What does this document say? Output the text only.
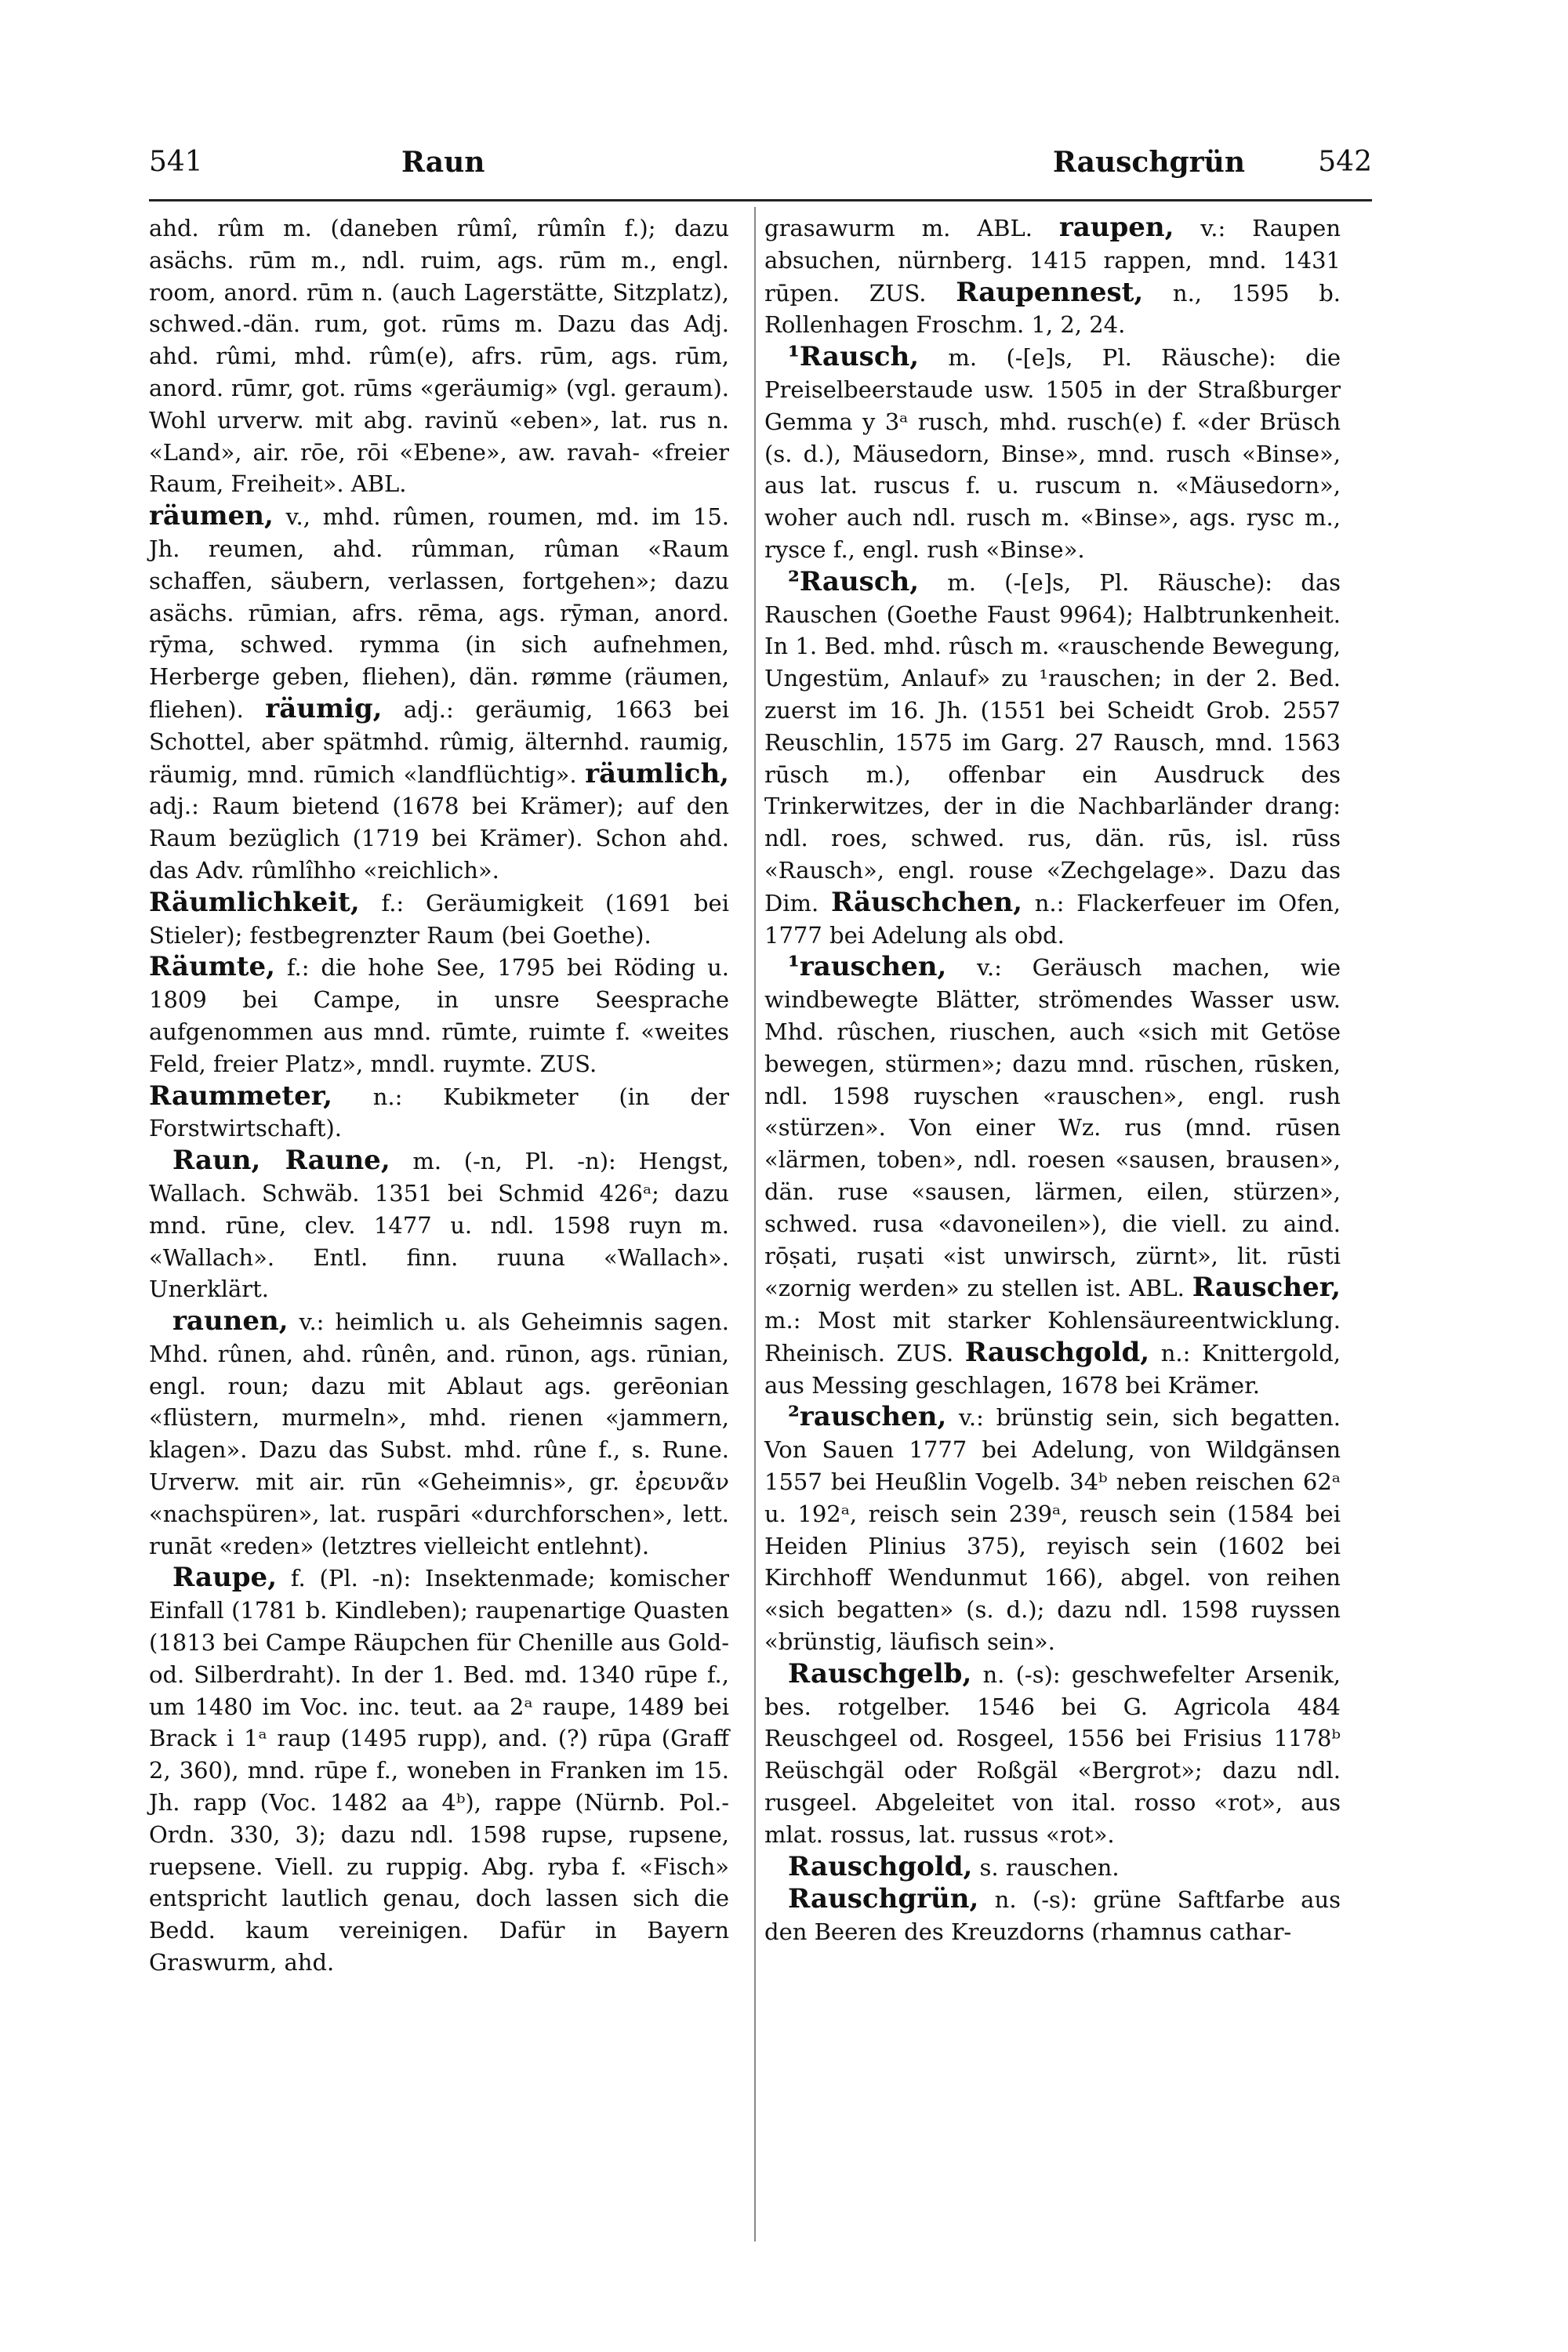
541	Raun	Rauschgrün	542

ahd. rûm m. (daneben rûmî, rûmîn f.); dazu asächs. rūm m., ndl. ruim, ags. rūm m., engl. room, anord. rūm n. (auch Lagerstätte, Sitzplatz), schwed.-dän. rum, got. rūms m. Dazu das Adj. ahd. rûmi, mhd. rûm(e), afrs. rūm, ags. rūm, anord. rūmr, got. rūms «geräumig» (vgl. geraum). Wohl urverw. mit abg. ravinŭ «eben», lat. rus n. «Land», air. rōe, rōi «Ebene», aw. ravah- «freier Raum, Freiheit». ABL.

räumen, v., mhd. rûmen, roumen, md. im 15. Jh. reumen, ahd. rûmman, rûman «Raum schaffen, säubern, verlassen, fortgehen»; dazu asächs. rūmian, afrs. rēma, ags. rȳman, anord. rȳma, schwed. rymma (in sich aufnehmen, Herberge geben, fliehen), dän. rømme (räumen, fliehen). räumig, adj.: geräumig, 1663 bei Schottel, aber spätmhd. rûmig, älternhd. raumig, räumig, mnd. rūmich «landflüchtig». räumlich, adj.: Raum bietend (1678 bei Krämer); auf den Raum bezüglich (1719 bei Krämer). Schon ahd. das Adv. rûmlîhho «reichlich».

Räumlichkeit, f.: Geräumigkeit (1691 bei Stieler); festbegrenzter Raum (bei Goethe).

Räumte, f.: die hohe See, 1795 bei Röding u. 1809 bei Campe, in unsre Seesprache aufgenommen aus mnd. rūmte, ruimte f. «weites Feld, freier Platz», mndl. ruymte. ZUS.

Raummeter, n.: Kubikmeter (in der Forstwirtschaft).

Raun, Raune, m. (-n, Pl. -n): Hengst, Wallach. Schwäb. 1351 bei Schmid 426ᵃ; dazu mnd. rūne, clev. 1477 u. ndl. 1598 ruyn m. «Wallach». Entl. finn. ruuna «Wallach». Unerklärt.

raunen, v.: heimlich u. als Geheimnis sagen. Mhd. rûnen, ahd. rûnên, and. rūnon, ags. rūnian, engl. roun; dazu mit Ablaut ags. gerēonian «flüstern, murmeln», mhd. rienen «jammern, klagen». Dazu das Subst. mhd. rûne f., s. Rune. Urverw. mit air. rūn «Geheimnis», gr. ἐρευνᾶν «nachspüren», lat. ruspāri «durchforschen», lett. runāt «reden» (letztres vielleicht entlehnt).

Raupe, f. (Pl. -n): Insektenmade; komischer Einfall (1781 b. Kindleben); raupenartige Quasten (1813 bei Campe Räupchen für Chenille aus Gold- od. Silberdraht). In der 1. Bed. md. 1340 rūpe f., um 1480 im Voc. inc. teut. aa 2ᵃ raupe, 1489 bei Brack i 1ᵃ raup (1495 rupp), and. (?) rūpa (Graff 2, 360), mnd. rūpe f., woneben in Franken im 15. Jh. rapp (Voc. 1482 aa 4ᵇ), rappe (Nürnb. Pol.-Ordn. 330, 3); dazu ndl. 1598 rupse, rupsene, ruepsene. Viell. zu ruppig. Abg. ryba f. «Fisch» entspricht lautlich genau, doch lassen sich die Bedd. kaum vereinigen. Dafür in Bayern Graswurm, ahd.

grasawurm m. ABL. raupen, v.: Raupen absuchen, nürnberg. 1415 rappen, mnd. 1431 rūpen. ZUS. Raupennest, n., 1595 b. Rollenhagen Froschm. 1, 2, 24.

¹Rausch, m. (-[e]s, Pl. Räusche): die Preiselbeerstaude usw. 1505 in der Straßburger Gemma y 3ᵃ rusch, mhd. rusch(e) f. «der Brüsch (s. d.), Mäusedorn, Binse», mnd. rusch «Binse», aus lat. ruscus f. u. ruscum n. «Mäusedorn», woher auch ndl. rusch m. «Binse», ags. rysc m., rysce f., engl. rush «Binse».

²Rausch, m. (-[e]s, Pl. Räusche): das Rauschen (Goethe Faust 9964); Halbtrunkenheit. In 1. Bed. mhd. rûsch m. «rauschende Bewegung, Ungestüm, Anlauf» zu ¹rauschen; in der 2. Bed. zuerst im 16. Jh. (1551 bei Scheidt Grob. 2557 Reuschlin, 1575 im Garg. 27 Rausch, mnd. 1563 rūsch m.), offenbar ein Ausdruck des Trinkerwitzes, der in die Nachbarländer drang: ndl. roes, schwed. rus, dän. rūs, isl. rūss «Rausch», engl. rouse «Zechgelage». Dazu das Dim. Räuschchen, n.: Flackerfeuer im Ofen, 1777 bei Adelung als obd.

¹rauschen, v.: Geräusch machen, wie windbewegte Blätter, strömendes Wasser usw. Mhd. rûschen, riuschen, auch «sich mit Getöse bewegen, stürmen»; dazu mnd. rūschen, rūsken, ndl. 1598 ruyschen «rauschen», engl. rush «stürzen». Von einer Wz. rus (mnd. rūsen «lärmen, toben», ndl. roesen «sausen, brausen», dän. ruse «sausen, lärmen, eilen, stürzen», schwed. rusa «davoneilen»), die viell. zu aind. rōṣati, ruṣati «ist unwirsch, zürnt», lit. rūsti «zornig werden» zu stellen ist. ABL. Rauscher, m.: Most mit starker Kohlensäureentwicklung. Rheinisch. ZUS. Rauschgold, n.: Knittergold, aus Messing geschlagen, 1678 bei Krämer.

²rauschen, v.: brünstig sein, sich begatten. Von Sauen 1777 bei Adelung, von Wildgänsen 1557 bei Heußlin Vogelb. 34ᵇ neben reischen 62ᵃ u. 192ᵃ, reisch sein 239ᵃ, reusch sein (1584 bei Heiden Plinius 375), reyisch sein (1602 bei Kirchhoff Wendunmut 166), abgel. von reihen «sich begatten» (s. d.); dazu ndl. 1598 ruyssen «brünstig, läufisch sein».

Rauschgelb, n. (-s): geschwefelter Arsenik, bes. rotgelber. 1546 bei G. Agricola 484 Reuschgeel od. Rosgeel, 1556 bei Frisius 1178ᵇ Reüschgäl oder Roßgäl «Bergrot»; dazu ndl. rusgeel. Abgeleitet von ital. rosso «rot», aus mlat. rossus, lat. russus «rot».

Rauschgold, s. rauschen.

Rauschgrün, n. (-s): grüne Saftfarbe aus den Beeren des Kreuzdorns (rhamnus cathar-
